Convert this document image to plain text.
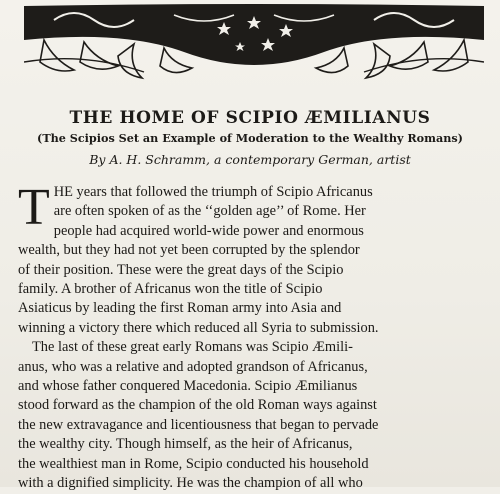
THE HOME OF SCIPIO ÆMILIANUS
(The Scipios Set an Example of Moderation to the Wealthy Romans)
By A. H. Schramm, a contemporary German, artist
T HE years that followed the triumph of Scipio Africanus
are often spoken of as the ‘‘golden age’’ of Rome. Her
people had acquired world-wide power and enormous
wealth, but they had not yet been corrupted by the splendor
of their position. These were the great days of the Scipio
family. A brother of Africanus won the title of Scipio
Asiaticus by leading the first Roman army into Asia and
winning a victory there which reduced all Syria to submission.
The last of these great early Romans was Scipio Æmili-
anus, who was a relative and adopted grandson of Africanus,
and whose father conquered Macedonia. Scipio Æmilianus
stood forward as the champion of the old Roman ways against
the new extravagance and licentiousness that began to pervade
the wealthy city. Though himself, as the heir of Africanus,
the wealthiest man in Rome, Scipio conducted his household
with a dignified simplicity. He was the champion of all who
